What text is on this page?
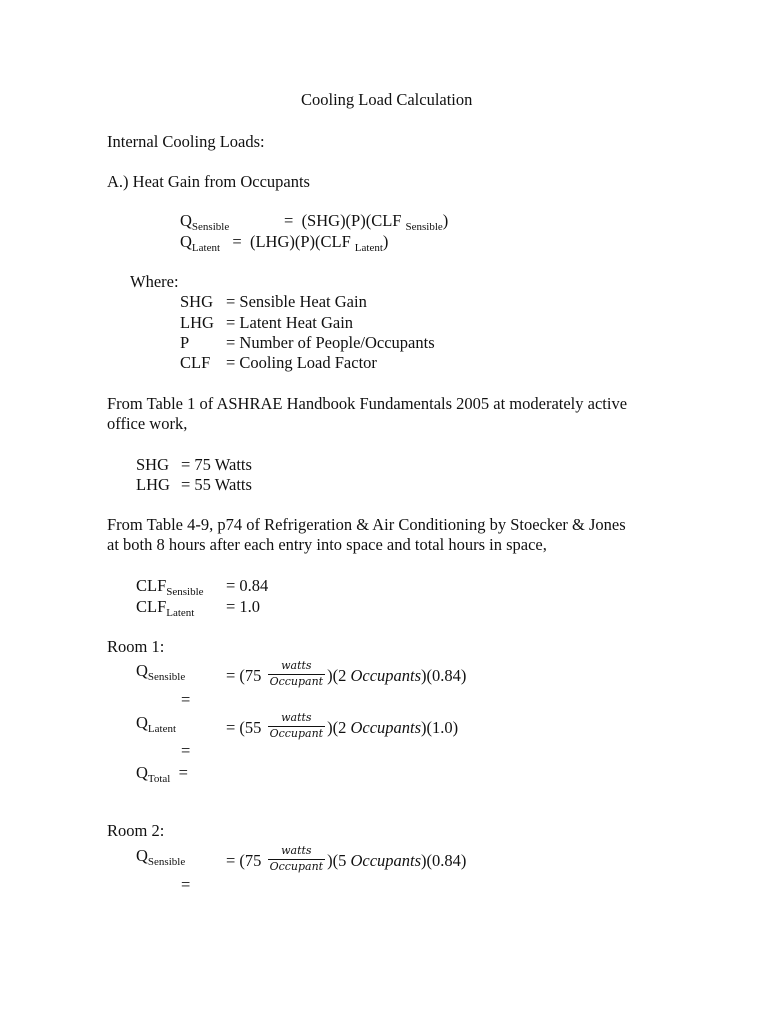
Cooling Load Calculation
Internal Cooling Loads:
A.) Heat Gain from Occupants
$Q_{Sensible}$	= (SHG)(P)(CLF $_{Sensible}$)
$Q_{Latent} = (LHG)(P)(CLF$ $_{Latent}$)
Where:
SHG = Sensible Heat Gain
LHG = Latent Heat Gain
P = Number of People/Occupants
CLF = Cooling Load Factor
From Table 1 of ASHRAE Handbook Fundamentals 2005 at moderately active
office work,
SHG = 75 Watts
LHG = 55 Watts
From Table 4-9, p74 of Refrigeration & Air Conditioning by Stoecker & Jones
at both 8 hours after each entry into space and total hours in space,
$CLF_{Sensible} = 0.84$
$CLF_{Latent} = 1.0$
Room 1:
$Q_{Sensible} = (75 \frac{\text{watts}}{\text{Occupant}} )(2$ Occupants)(0.84)
=
$Q_{Latent}$	= $(55 \frac{\text{watts}}{\text{Occupant}} )(2$ Occupants)(1.0)
=
$Q_{Total}$ =
Room 2:
$Q_{Sensible} = (75 \frac{\text{watts}}{\text{Occupant}} )(5$ Occupants)(0.84)
=
